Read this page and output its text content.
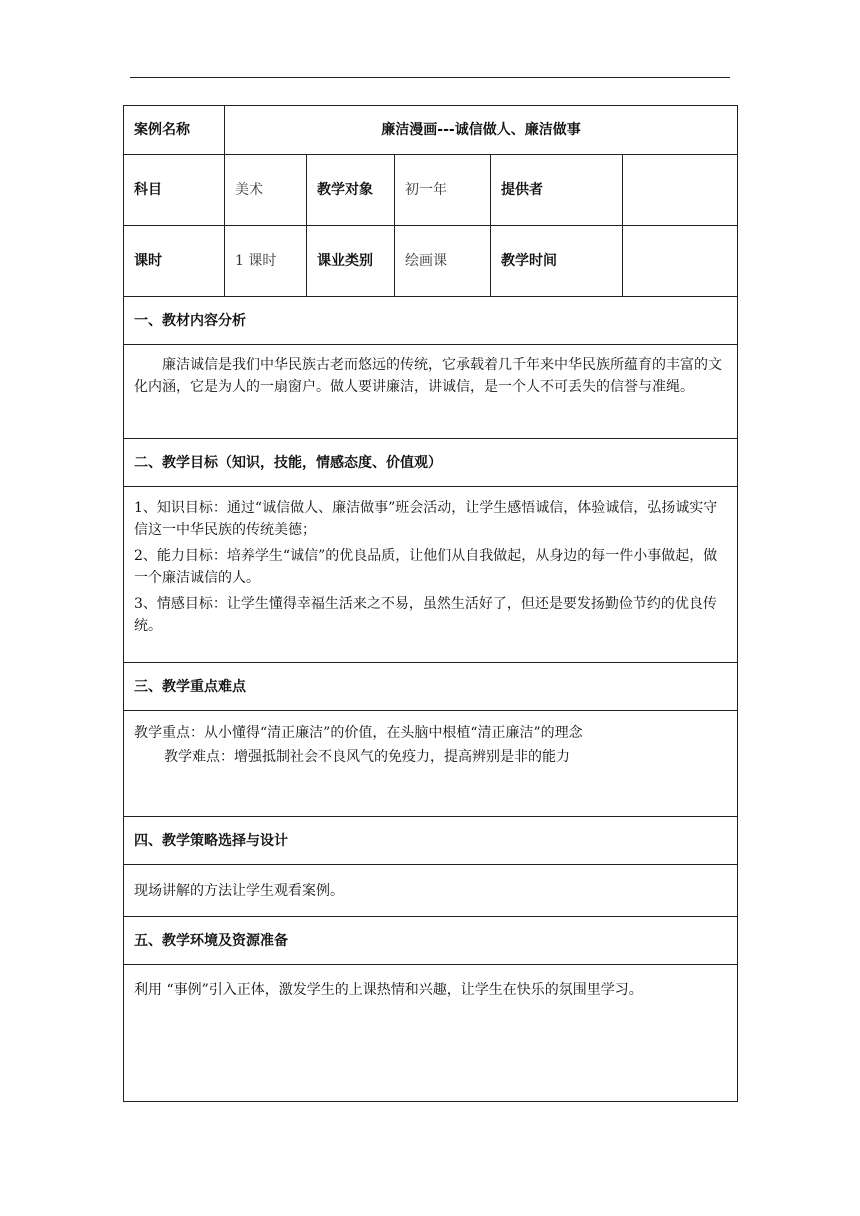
案例名称	廉洁漫画---诚信做人、廉洁做事				
科目	美术	教学对象	初一年	提供者	
课时	1 课时	课业类别	绘画课	教学时间	
一、教材内容分析					

廉洁诚信是我们中华民族古老而悠远的传统，它承载着几千年来中华民族所蕴育的丰富的文化内涵，它是为人的一扇窗户。做人要讲廉洁，讲诚信，是一个人不可丢失的信誉与准绳。					

二、教学目标（知识，技能，情感态度、价值观）					

1、知识目标：通过“诚信做人、廉洁做事”班会活动，让学生感悟诚信，体验诚信，弘扬诚实守信这一中华民族的传统美德；

2、能力目标：培养学生“诚信”的优良品质，让他们从自我做起，从身边的每一件小事做起，做一个廉洁诚信的人。

3、情感目标：让学生懂得幸福生活来之不易，虽然生活好了，但还是要发扬勤俭节约的优良传统。					

三、教学重点难点					

教学重点：从小懂得“清正廉洁”的价值，在头脑中根植“清正廉洁”的理念

教学难点：增强抵制社会不良风气的免疫力，提高辨别是非的能力					

四、教学策略选择与设计					

现场讲解的方法让学生观看案例。					

五、教学环境及资源准备					

利用 “事例”引入正体，激发学生的上课热情和兴趣，让学生在快乐的氛围里学习。					
